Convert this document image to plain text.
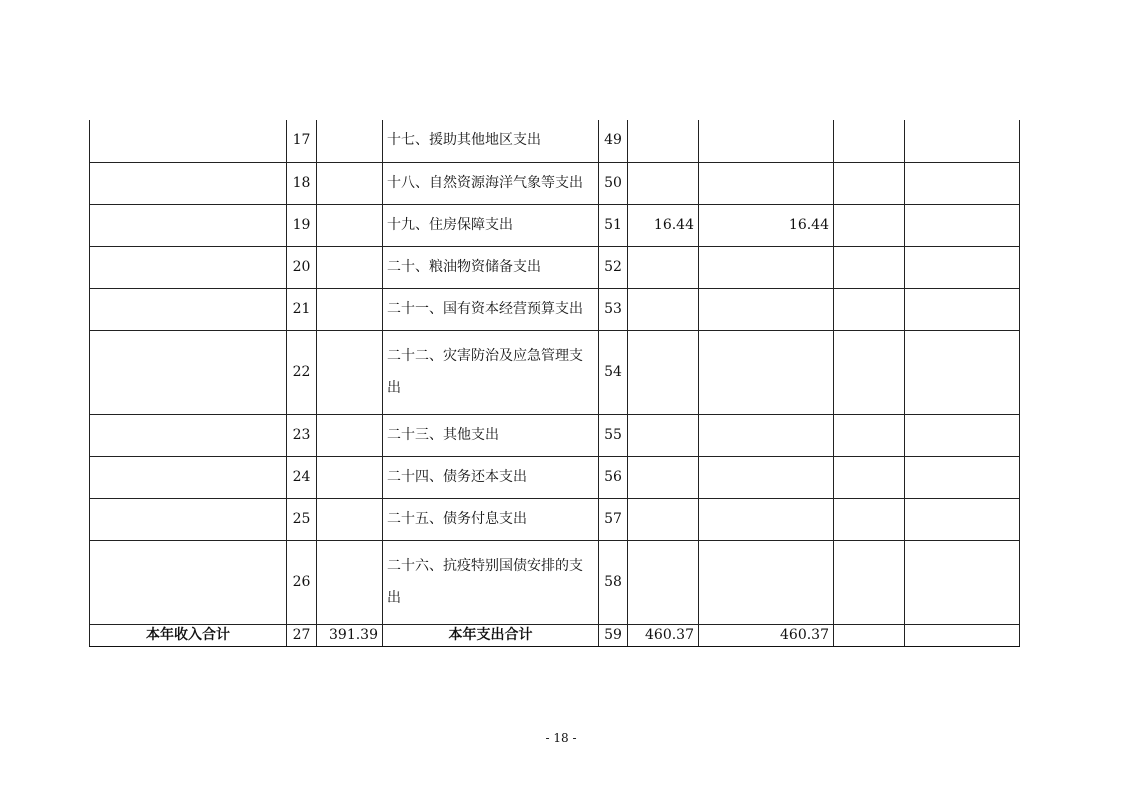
	17		十七、援助其他地区支出	49				
	18		十八、自然资源海洋气象等支出	50				
	19		十九、住房保障支出	51	16.44	16.44		
	20		二十、粮油物资储备支出	52				
	21		二十一、国有资本经营预算支出	53				
	22		二十二、灾害防治及应急管理支出	54				
	23		二十三、其他支出	55				
	24		二十四、债务还本支出	56				
	25		二十五、债务付息支出	57				
	26		二十六、抗疫特别国债安排的支出	58				
本年收入合计	27	391.39	本年支出合计	59	460.37	460.37		
- 18 -
